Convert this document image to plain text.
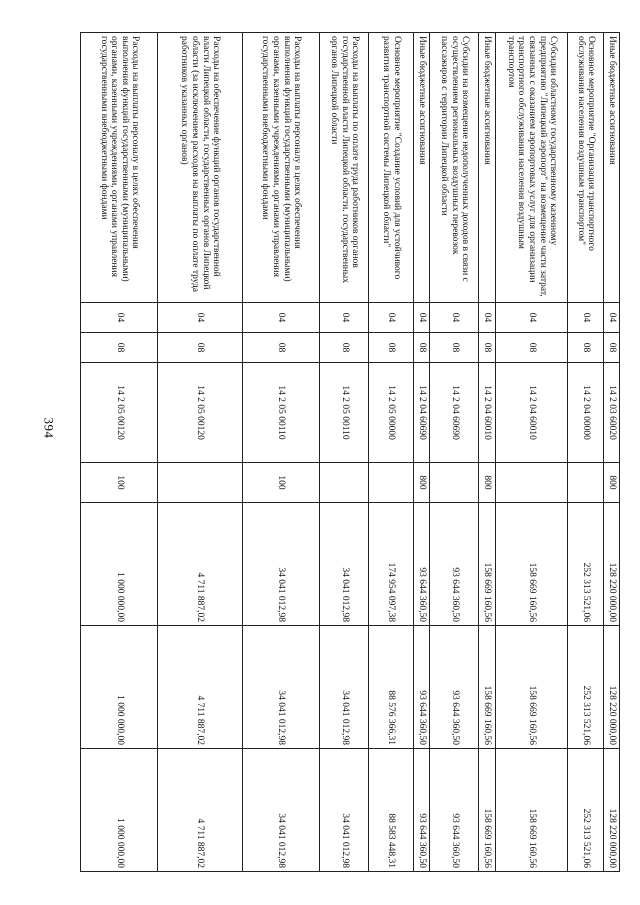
394
Иные бюджетные ассигнования	04	08	14 2 03 60020	800	128 220 000,00	128 220 000,00	128 220 000,00
Основное мероприятие "Организация транспортного обслуживания населения воздушным транспортом"	04	08	14 2 04 00000		252 313 521,06	252 313 521,06	252 313 521,06
Субсидии областному государственному казенному предприятию "Липецкий аэропорт" на возмещение части затрат, связанных с оказанием аэропортовых услуг для организации транспортного обслуживания населения воздушным транспортом	04	08	14 2 04 60010		158 669 160,56	158 669 160,56	158 669 160,56
Иные бюджетные ассигнования	04	08	14 2 04 60010	800	158 669 160,56	158 669 160,56	158 669 160,56
Субсидии на возмещение недополученных доходов в связи с осуществлением региональных воздушных перевозок пассажиров с территории Липецкой области	04	08	14 2 04 60690		93 644 360,50	93 644 360,50	93 644 360,50
Иные бюджетные ассигнования	04	08	14 2 04 60690	800	93 644 360,50	93 644 360,50	93 644 360,50
Основное мероприятие "Создание условий для устойчивого развития транспортной системы Липецкой области"	04	08	14 2 05 00000		174 954 097,38	88 576 366,31	88 583 448,31
Расходы на выплаты по оплате труда работников органов государственной власти Липецкой области. государственных органов Липецкой области	04	08	14 2 05 00110		34 041 012,98	34 041 012,98	34 041 012,98
Расходы на выплаты персоналу в целях обеспечения выполнения функций государственными (муниципальными) органами, казенными учреждениями, органами управления государственными внебюджетными фондами	04	08	14 2 05 00110	100	34 041 012,98	34 041 012,98	34 041 012,98
Расходы на обеспечение функций органов государственной власти Липецкой области, государственных органов Липецкой области (за исключением расходов на выплаты по оплате труда работников указанных органов)	04	08	14 2 05 00120		4 711 887,02	4 711 887,02	4 711 887,02
Расходы на выплаты персоналу в целях обеспечения выполнения функций государственными (муниципальными) органами, казенными учреждениями, органами управления государственными внебюджетными фондами	04	08	14 2 05 00120	100	1 000 000,00	1 000 000,00	1 000 000,00
